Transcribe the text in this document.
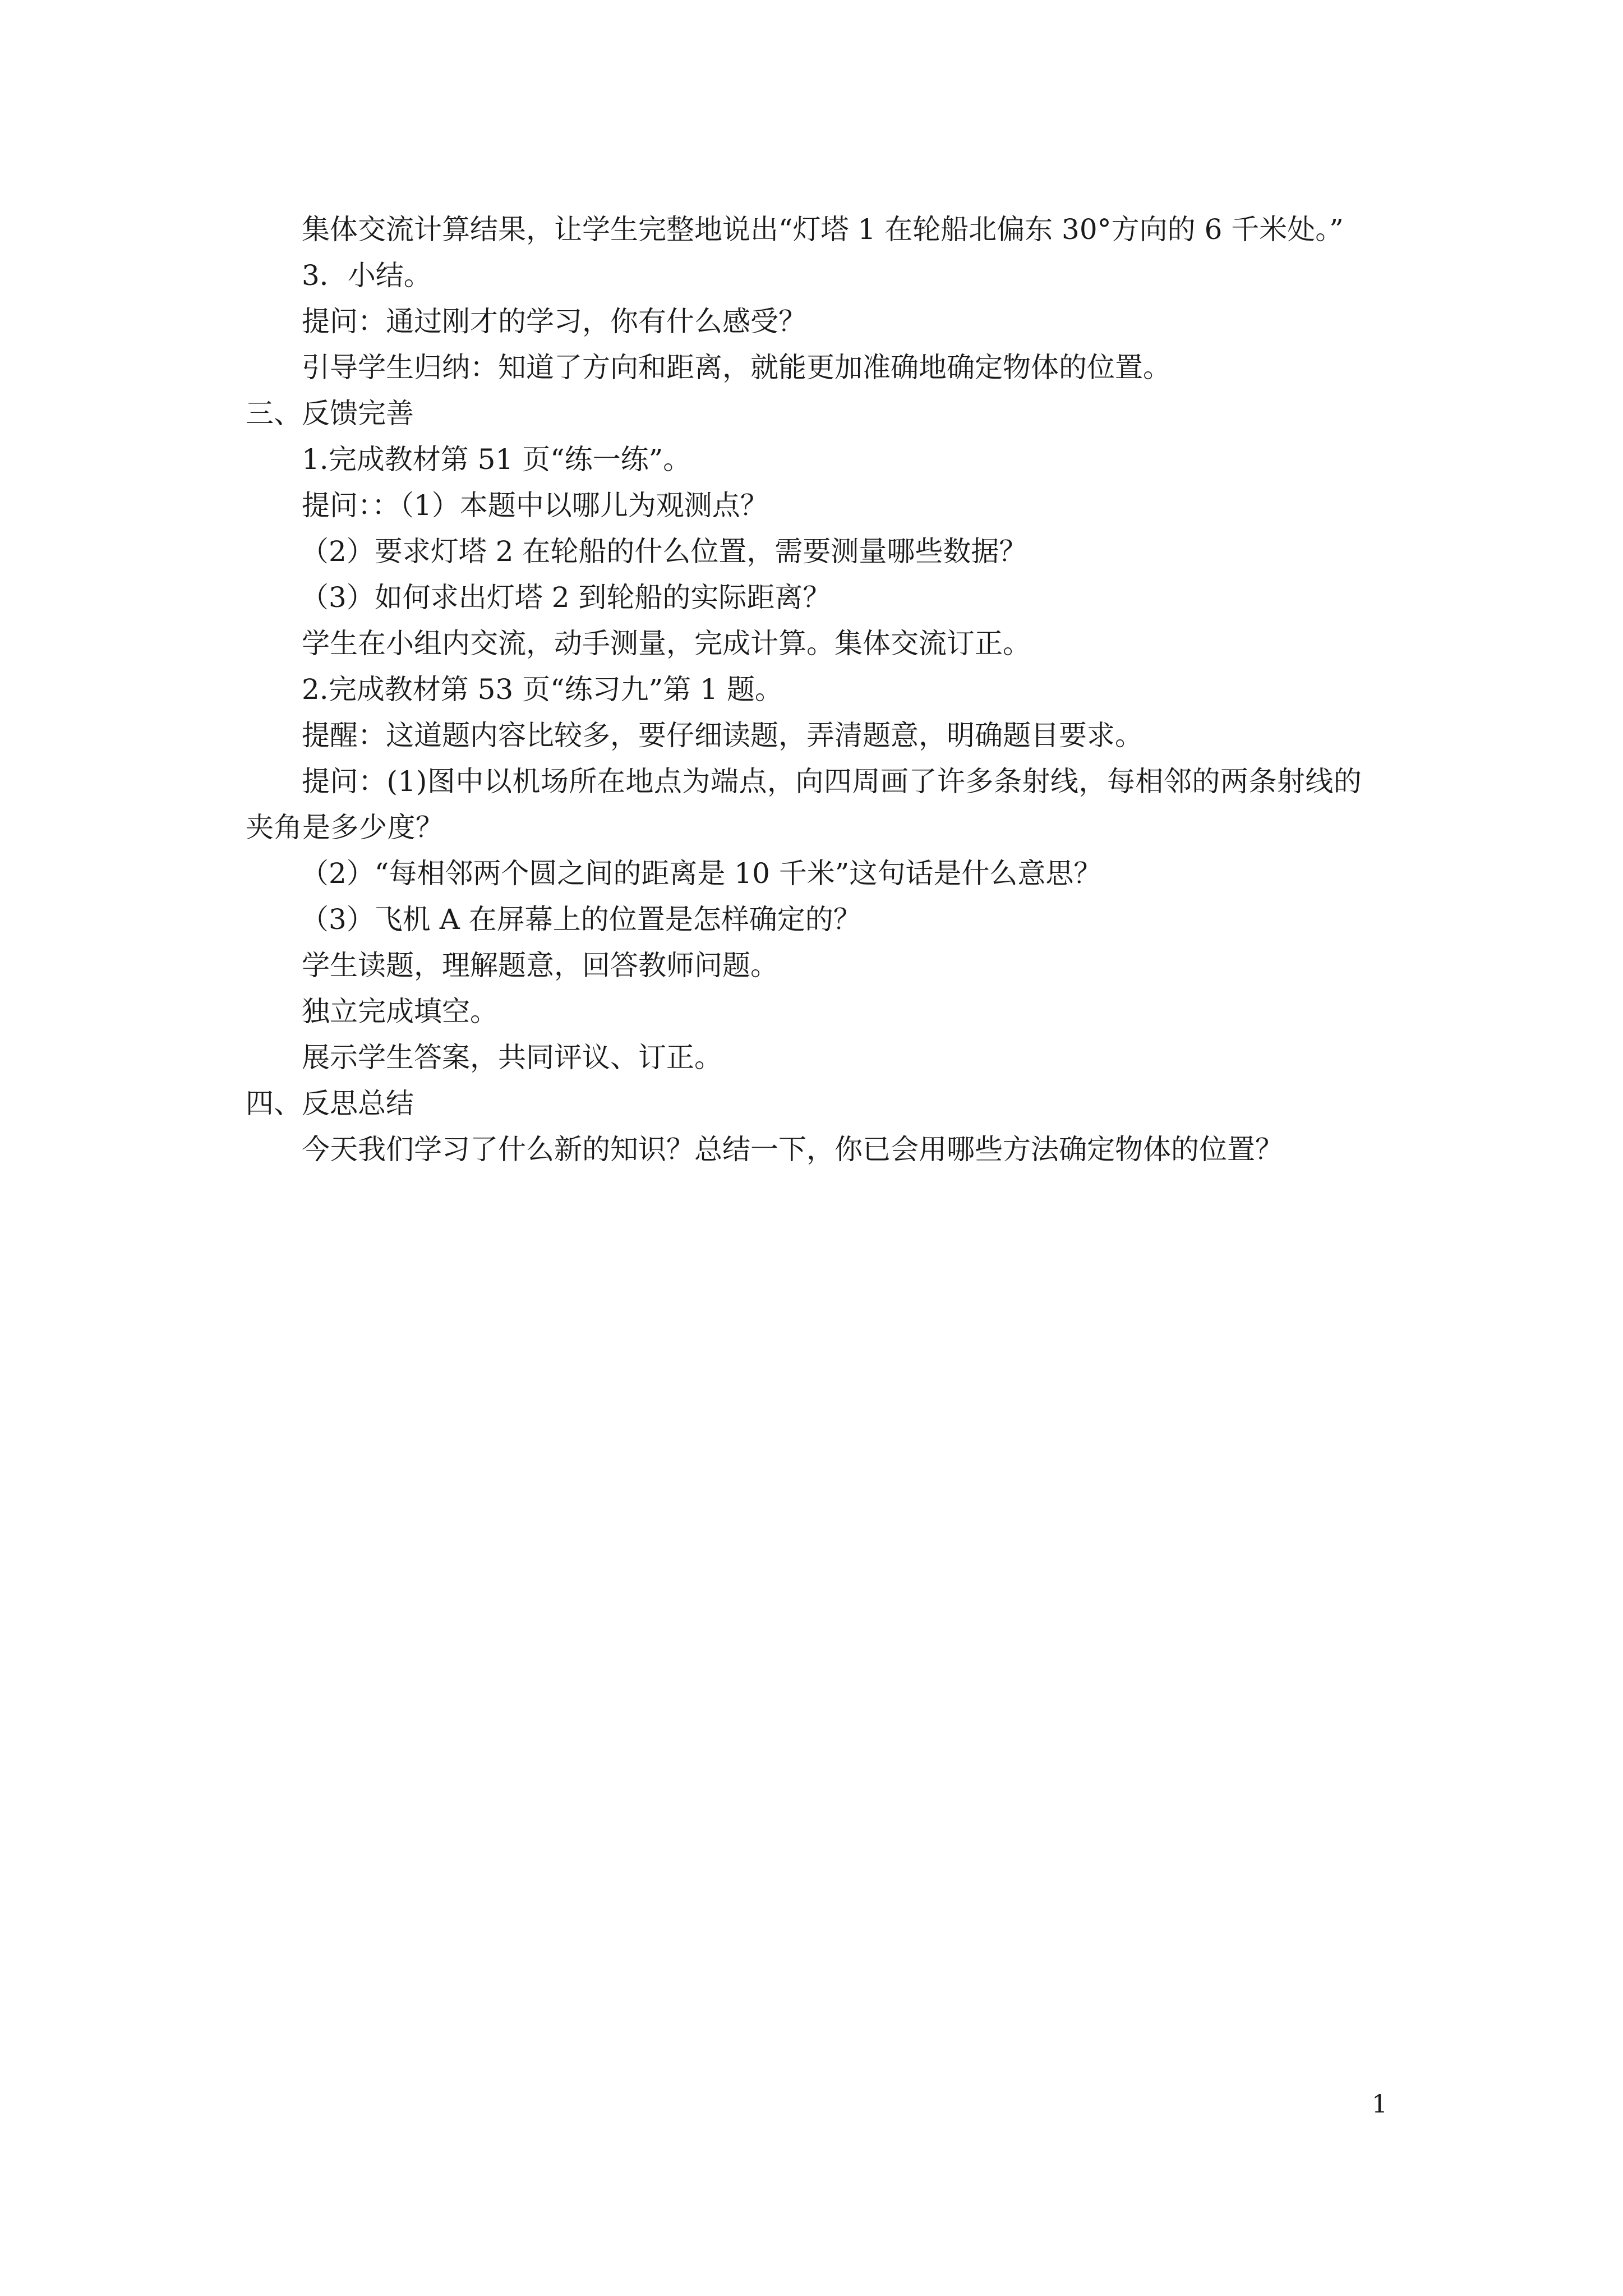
集体交流计算结果，让学生完整地说出“灯塔 1 在轮船北偏东 30°方向的 6 千米处。”

3．小结。

提问：通过刚才的学习，你有什么感受？

引导学生归纳：知道了方向和距离，就能更加准确地确定物体的位置。

三、反馈完善

1.完成教材第 51 页“练一练”。

提问：：（1）本题中以哪儿为观测点？

（2）要求灯塔 2 在轮船的什么位置，需要测量哪些数据？

（3）如何求出灯塔 2 到轮船的实际距离？

学生在小组内交流，动手测量，完成计算。集体交流订正。

2.完成教材第 53 页“练习九”第 1 题。

提醒：这道题内容比较多，要仔细读题，弄清题意，明确题目要求。

提问：(1)图中以机场所在地点为端点，向四周画了许多条射线，每相邻的两条射线的夹角是多少度？

（2）“每相邻两个圆之间的距离是 10 千米”这句话是什么意思？

（3）飞机 A 在屏幕上的位置是怎样确定的？

学生读题，理解题意，回答教师问题。

独立完成填空。

展示学生答案，共同评议、订正。

四、反思总结

今天我们学习了什么新的知识？总结一下，你已会用哪些方法确定物体的位置？

1
